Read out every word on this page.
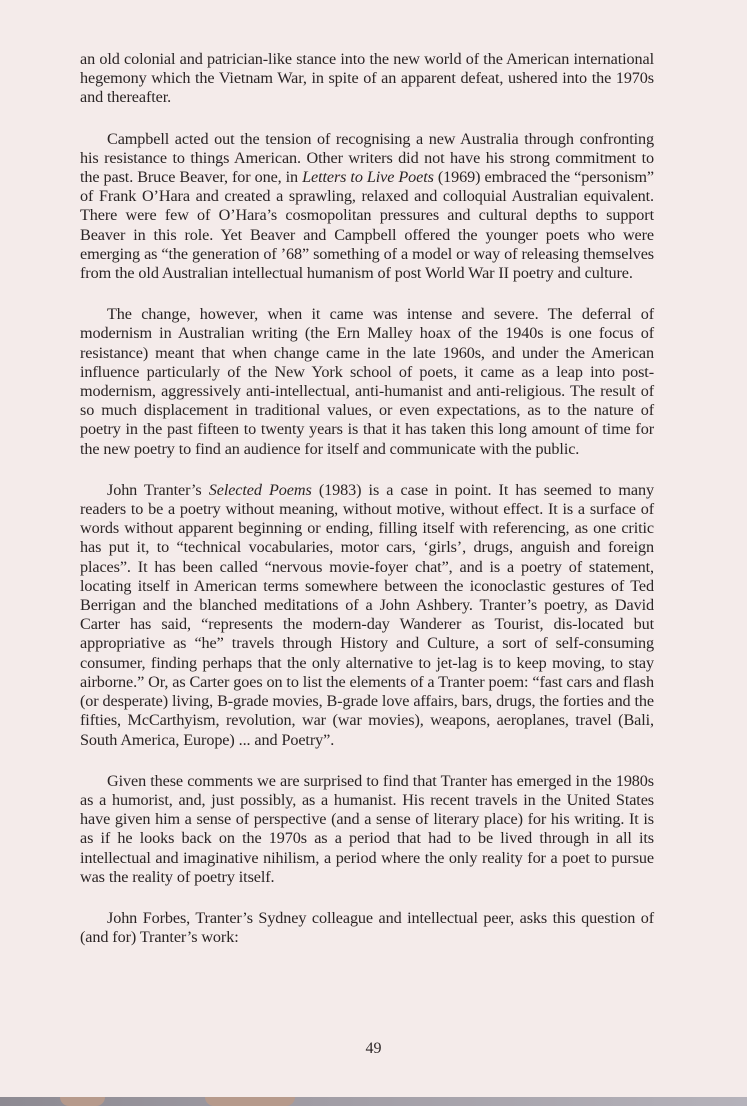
an old colonial and patrician-like stance into the new world of the American international hegemony which the Vietnam War, in spite of an apparent defeat, ushered into the 1970s and thereafter.

Campbell acted out the tension of recognising a new Australia through confronting his resistance to things American. Other writers did not have his strong commitment to the past. Bruce Beaver, for one, in Letters to Live Poets (1969) embraced the “personism” of Frank O’Hara and created a sprawling, relaxed and colloquial Australian equivalent. There were few of O’Hara’s cosmopolitan pressures and cultural depths to support Beaver in this role. Yet Beaver and Campbell offered the younger poets who were emerging as “the generation of ’68” something of a model or way of releasing themselves from the old Australian intellectual humanism of post World War II poetry and culture.

The change, however, when it came was intense and severe. The deferral of modernism in Australian writing (the Ern Malley hoax of the 1940s is one focus of resistance) meant that when change came in the late 1960s, and under the American influence particularly of the New York school of poets, it came as a leap into post-modernism, aggressively anti-intellectual, anti-humanist and anti-religious. The result of so much displacement in traditional values, or even expectations, as to the nature of poetry in the past fifteen to twenty years is that it has taken this long amount of time for the new poetry to find an audience for itself and communicate with the public.

John Tranter’s Selected Poems (1983) is a case in point. It has seemed to many readers to be a poetry without meaning, without motive, without effect. It is a surface of words without apparent beginning or ending, filling itself with referencing, as one critic has put it, to “technical vocabularies, motor cars, ‘girls’, drugs, anguish and foreign places”. It has been called “nervous movie-foyer chat”, and is a poetry of statement, locating itself in American terms somewhere between the iconoclastic gestures of Ted Berrigan and the blanched meditations of a John Ashbery. Tranter’s poetry, as David Carter has said, “represents the modern-day Wanderer as Tourist, dis-located but appropriative as “he” travels through History and Culture, a sort of self-consuming consumer, finding perhaps that the only alternative to jet-lag is to keep moving, to stay airborne.” Or, as Carter goes on to list the elements of a Tranter poem: “fast cars and flash (or desperate) living, B-grade movies, B-grade love affairs, bars, drugs, the forties and the fifties, McCarthyism, revolution, war (war movies), weapons, aeroplanes, travel (Bali, South America, Europe) ... and Poetry”.

Given these comments we are surprised to find that Tranter has emerged in the 1980s as a humorist, and, just possibly, as a humanist. His recent travels in the United States have given him a sense of perspective (and a sense of literary place) for his writing. It is as if he looks back on the 1970s as a period that had to be lived through in all its intellectual and imaginative nihilism, a period where the only reality for a poet to pursue was the reality of poetry itself.

John Forbes, Tranter’s Sydney colleague and intellectual peer, asks this question of (and for) Tranter’s work:

49
